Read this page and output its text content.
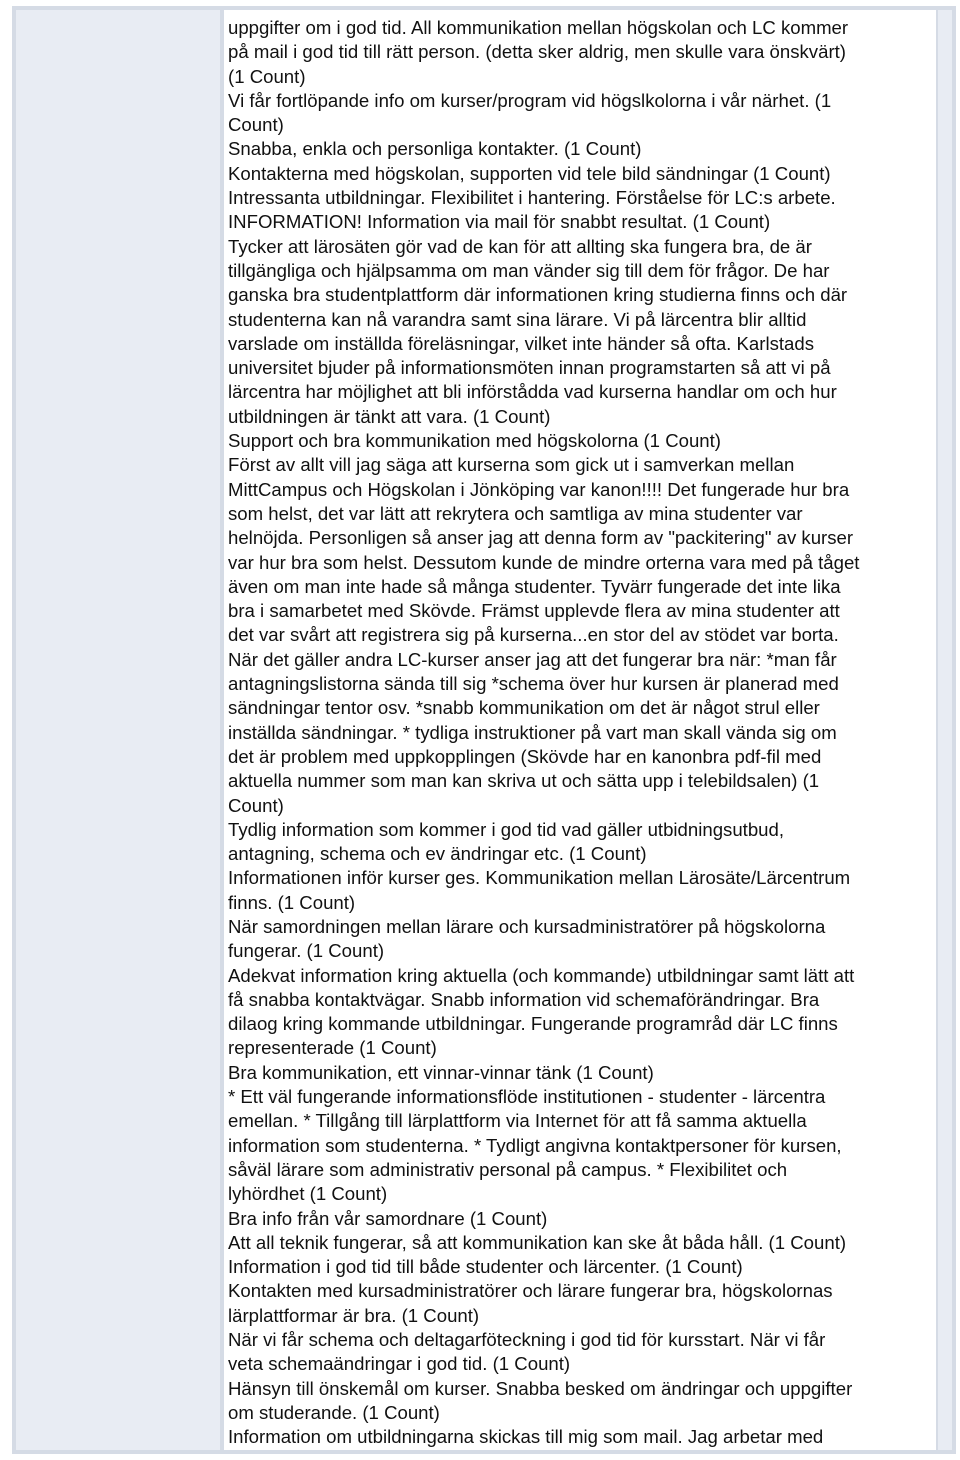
uppgifter om i god tid. All kommunikation mellan högskolan och LC kommer
på mail i god tid till rätt person. (detta sker aldrig, men skulle vara önskvärt)
(1 Count)
Vi får fortlöpande info om kurser/program vid högslkolorna i vår närhet. (1
Count)
Snabba, enkla och personliga kontakter. (1 Count)
Kontakterna med högskolan, supporten vid tele bild sändningar (1 Count)
Intressanta utbildningar. Flexibilitet i hantering. Förståelse för LC:s arbete.
INFORMATION! Information via mail för snabbt resultat. (1 Count)
Tycker att lärosäten gör vad de kan för att allting ska fungera bra, de är
tillgängliga och hjälpsamma om man vänder sig till dem för frågor. De har
ganska bra studentplattform där informationen kring studierna finns och där
studenterna kan nå varandra samt sina lärare. Vi på lärcentra blir alltid
varslade om inställda föreläsningar, vilket inte händer så ofta. Karlstads
universitet bjuder på informationsmöten innan programstarten så att vi på
lärcentra har möjlighet att bli införstådda vad kurserna handlar om och hur
utbildningen är tänkt att vara. (1 Count)
Support och bra kommunikation med högskolorna (1 Count)
Först av allt vill jag säga att kurserna som gick ut i samverkan mellan
MittCampus och Högskolan i Jönköping var kanon!!!! Det fungerade hur bra
som helst, det var lätt att rekrytera och samtliga av mina studenter var
helnöjda. Personligen så anser jag att denna form av "packitering" av kurser
var hur bra som helst. Dessutom kunde de mindre orterna vara med på tåget
även om man inte hade så många studenter. Tyvärr fungerade det inte lika
bra i samarbetet med Skövde. Främst upplevde flera av mina studenter att
det var svårt att registrera sig på kurserna...en stor del av stödet var borta.
När det gäller andra LC-kurser anser jag att det fungerar bra när: *man får
antagningslistorna sända till sig *schema över hur kursen är planerad med
sändningar tentor osv. *snabb kommunikation om det är något strul eller
inställda sändningar. * tydliga instruktioner på vart man skall vända sig om
det är problem med uppkopplingen (Skövde har en kanonbra pdf-fil med
aktuella nummer som man kan skriva ut och sätta upp i telebildsalen) (1
Count)
Tydlig information som kommer i god tid vad gäller utbidningsutbud,
antagning, schema och ev ändringar etc. (1 Count)
Informationen inför kurser ges. Kommunikation mellan Lärosäte/Lärcentrum
finns. (1 Count)
När samordningen mellan lärare och kursadministratörer på högskolorna
fungerar. (1 Count)
Adekvat information kring aktuella (och kommande) utbildningar samt lätt att
få snabba kontaktvägar. Snabb information vid schemaförändringar. Bra
dilaog kring kommande utbildningar. Fungerande programråd där LC finns
representerade (1 Count)
Bra kommunikation, ett vinnar-vinnar tänk (1 Count)
* Ett väl fungerande informationsflöde institutionen - studenter - lärcentra
emellan. * Tillgång till lärplattform via Internet för att få samma aktuella
information som studenterna. * Tydligt angivna kontaktpersoner för kursen,
såväl lärare som administrativ personal på campus. * Flexibilitet och
lyhördhet (1 Count)
Bra info från vår samordnare (1 Count)
Att all teknik fungerar, så att kommunikation kan ske åt båda håll. (1 Count)
Information i god tid till både studenter och lärcenter. (1 Count)
Kontakten med kursadministratörer och lärare fungerar bra, högskolornas
lärplattformar är bra. (1 Count)
När vi får schema och deltagarföteckning i god tid för kursstart. När vi får
veta schemaändringar i god tid. (1 Count)
Hänsyn till önskemål om kurser. Snabba besked om ändringar och uppgifter
om studerande. (1 Count)
Information om utbildningarna skickas till mig som mail. Jag arbetar med
